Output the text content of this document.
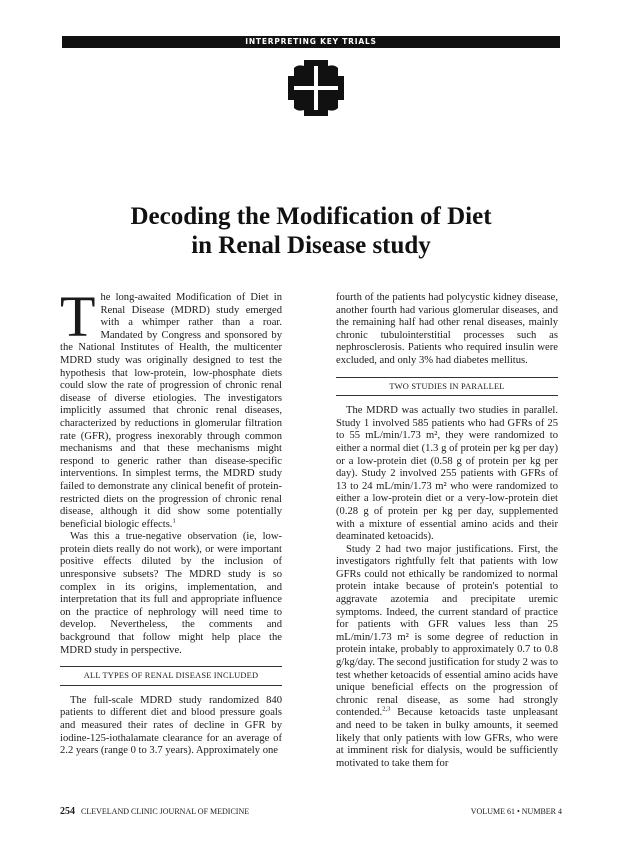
INTERPRETING KEY TRIALS
Decoding the Modification of Diet
in Renal Disease study

The long-awaited Modification of Diet in Renal Disease (MDRD) study emerged with a whimper rather than a roar. Mandated by Congress and sponsored by the National Institutes of Health, the multicenter MDRD study was originally designed to test the hypothesis that low-protein, low-phosphate diets could slow the rate of progression of chronic renal disease of diverse etiologies. The investigators implicitly assumed that chronic renal diseases, characterized by reductions in glomerular filtration rate (GFR), progress inexorably through common mechanisms and that these mechanisms might respond to generic rather than disease-specific interventions. In simplest terms, the MDRD study failed to demonstrate any clinical benefit of protein-restricted diets on the progression of chronic renal disease, although it did show some potentially beneficial biologic effects.$^1$

Was this a true-negative observation (ie, low-protein diets really do not work), or were important positive effects diluted by the inclusion of unresponsive subsets? The MDRD study is so complex in its origins, implementation, and interpretation that its full and appropriate influence on the practice of nephrology will need time to develop. Nevertheless, the comments and background that follow might help place the MDRD study in perspective.

ALL TYPES OF RENAL DISEASE INCLUDED

The full-scale MDRD study randomized 840 patients to different diet and blood pressure goals and measured their rates of decline in GFR by iodine-125-iothalamate clearance for an average of 2.2 years (range 0 to 3.7 years). Approximately one

fourth of the patients had polycystic kidney disease, another fourth had various glomerular diseases, and the remaining half had other renal diseases, mainly chronic tubulointerstitial processes such as nephrosclerosis. Patients who required insulin were excluded, and only 3% had diabetes mellitus.

TWO STUDIES IN PARALLEL

The MDRD was actually two studies in parallel. Study 1 involved 585 patients who had GFRs of 25 to 55 mL/min/1.73 m², they were randomized to either a normal diet (1.3 g of protein per kg per day) or a low-protein diet (0.58 g of protein per kg per day). Study 2 involved 255 patients with GFRs of 13 to 24 mL/min/1.73 m² who were randomized to either a low-protein diet or a very-low-protein diet (0.28 g of protein per kg per day, supplemented with a mixture of essential amino acids and their deaminated ketoacids).

Study 2 had two major justifications. First, the investigators rightfully felt that patients with low GFRs could not ethically be randomized to normal protein intake because of protein's potential to aggravate azotemia and precipitate uremic symptoms. Indeed, the current standard of practice for patients with GFR values less than 25 mL/min/1.73 m² is some degree of reduction in protein intake, probably to approximately 0.7 to 0.8 g/kg/day. The second justification for study 2 was to test whether ketoacids of essential amino acids have unique beneficial effects on the progression of chronic renal disease, as some had strongly contended.$^{2,3}$ Because ketoacids taste unpleasant and need to be taken in bulky amounts, it seemed likely that only patients with low GFRs, who were at imminent risk for dialysis, would be sufficiently motivated to take them for

254 CLEVELAND CLINIC JOURNAL OF MEDICINE	VOLUME 61 • NUMBER 4
